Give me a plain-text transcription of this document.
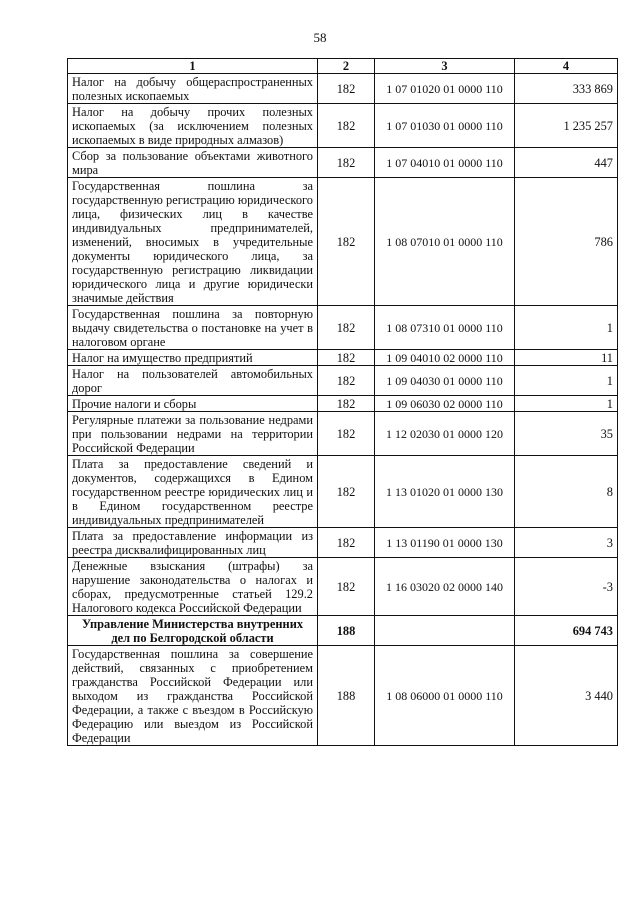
58
1	2	3	4
Налог на добычу общераспространенных полезных ископаемых	182	1 07 01020 01 0000 110	333 869
Налог на добычу прочих полезных ископаемых (за исключением полезных ископаемых в виде природных алмазов)	182	1 07 01030 01 0000 110	1 235 257
Сбор за пользование объектами животного мира	182	1 07 04010 01 0000 110	447
Государственная пошлина за государственную регистрацию юридического лица, физических лиц в качестве индивидуальных предпринимателей, изменений, вносимых в учредительные документы юридического лица, за государственную регистрацию ликвидации юридического лица и другие юридически значимые действия	182	1 08 07010 01 0000 110	786
Государственная пошлина за повторную выдачу свидетельства о постановке на учет в налоговом органе	182	1 08 07310 01 0000 110	1
Налог на имущество предприятий	182	1 09 04010 02 0000 110	11
Налог на пользователей автомобильных дорог	182	1 09 04030 01 0000 110	1
Прочие налоги и сборы	182	1 09 06030 02 0000 110	1
Регулярные платежи за пользование недрами при пользовании недрами на территории Российской Федерации	182	1 12 02030 01 0000 120	35
Плата за предоставление сведений и документов, содержащихся в Едином государственном реестре юридических лиц и в Едином государственном реестре индивидуальных предпринимателей	182	1 13 01020 01 0000 130	8
Плата за предоставление информации из реестра дисквалифицированных лиц	182	1 13 01190 01 0000 130	3
Денежные взыскания (штрафы) за нарушение законодательства о налогах и сборах, предусмотренные статьей 129.2 Налогового кодекса Российской Федерации	182	1 16 03020 02 0000 140	-3
Управление Министерства внутренних дел по Белгородской области	188		694 743
Государственная пошлина за совершение действий, связанных с приобретением гражданства Российской Федерации или выходом из гражданства Российской Федерации, а также с въездом в Российскую Федерацию или выездом из Российской Федерации	188	1 08 06000 01 0000 110	3 440
